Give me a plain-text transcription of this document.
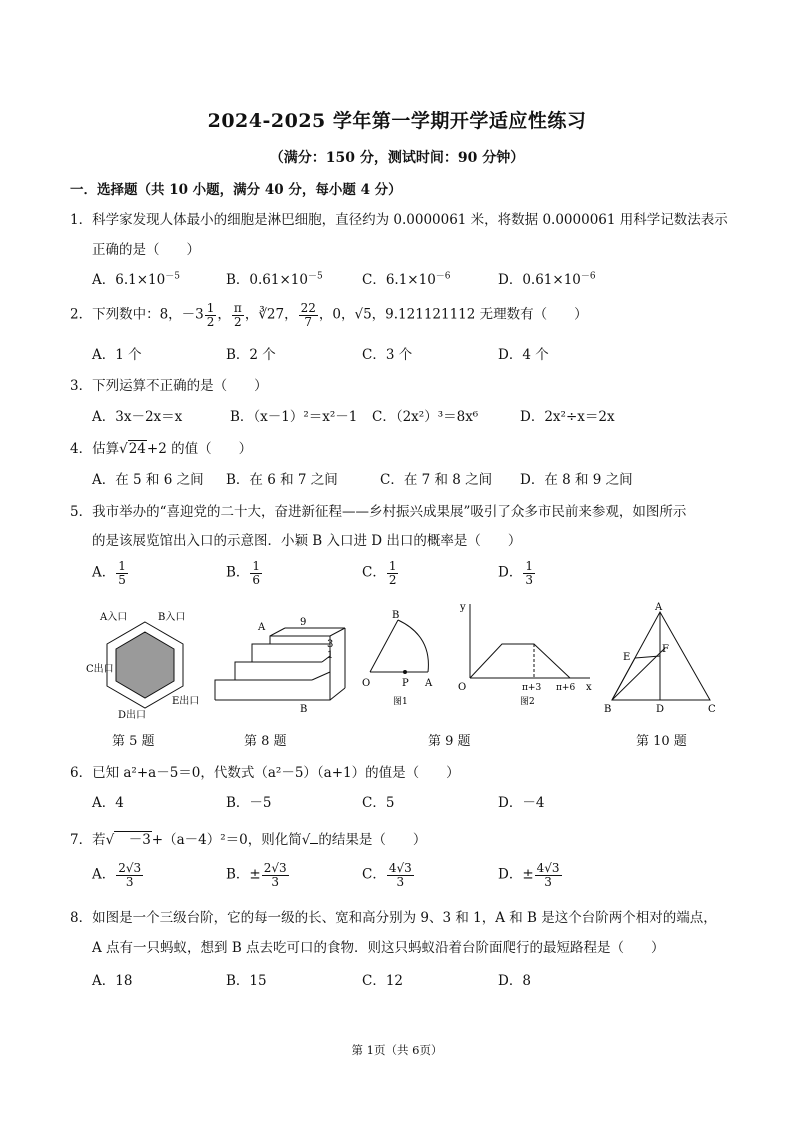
2024-2025 学年第一学期开学适应性练习
（满分：150 分，测试时间：90 分钟）
一．选择题（共 10 小题，满分 40 分，每小题 4 分）
1．科学家发现人体最小的细胞是淋巴细胞，直径约为 0.0000061 米，将数据 0.0000061 用科学记数法表示
正确的是（　　）
A．$6.1\times 10^{-5}$	B．$0.61\times 10^{-5}$	C．$6.1\times 10^{-6}$	D．$0.61\times 10^{-6}$
2．下列数中：8，$-3 \frac{1}{2}$ ， $\frac{\pi}{2}$ ，∛27， $\frac{22}{7}$ ，0，√5，9.121121112 无理数有（　　）
A．1 个	B．2 个	C．3 个	D．4 个
3．下列运算不正确的是（　　）
A．3x－2x＝x	B．（x－1）²＝x²－1 C．（2x²）³＝8x⁶	D．2x²÷x＝2x
4．估算√24+2 的值（　　）
A．在 5 和 6 之间 B．在 6 和 7 之间	C．在 7 和 8 之间 D．在 8 和 9 之间
5．我市举办的“喜迎党的二十大，奋进新征程——乡村振兴成果展”吸引了众多市民前来参观，如图所示
的是该展览馆出入口的示意图．小颖 B 入口进 D 出口的概率是（　　）
A． $\frac{1}{5}$	B． $\frac{1}{6}$	C． $\frac{1}{2}$	D． $\frac{1}{3}$
A入口	B入口
C出口
D出口
E出口
A	9
3
1
B
B
O	P A
图1
y
O	x
π+3 π+6
图2
A
E
F
B	D	C
第 5 题	第 8 题	第 9 题	第 10 题
6．已知 a²+a－5＝0，代数式（a²－5）（a+1）的值是（　　）
A．4	B．－5	C．5	D．－4
7．若√　－3+（a－4）²＝0，则化简√ 的结果是（　　）
A． $\frac{2√3}{3}$	B．± $\frac{2√3}{3}$	C． $\frac{4√3}{3}$	D．± $\frac{4√3}{3}$
8．如图是一个三级台阶，它的每一级的长、宽和高分别为 9、3 和 1，A 和 B 是这个台阶两个相对的端点，
A 点有一只蚂蚁，想到 B 点去吃可口的食物．则这只蚂蚁沿着台阶面爬行的最短路程是（　　）
A．18	B．15	C．12	D．8
第 1页（共 6页）
